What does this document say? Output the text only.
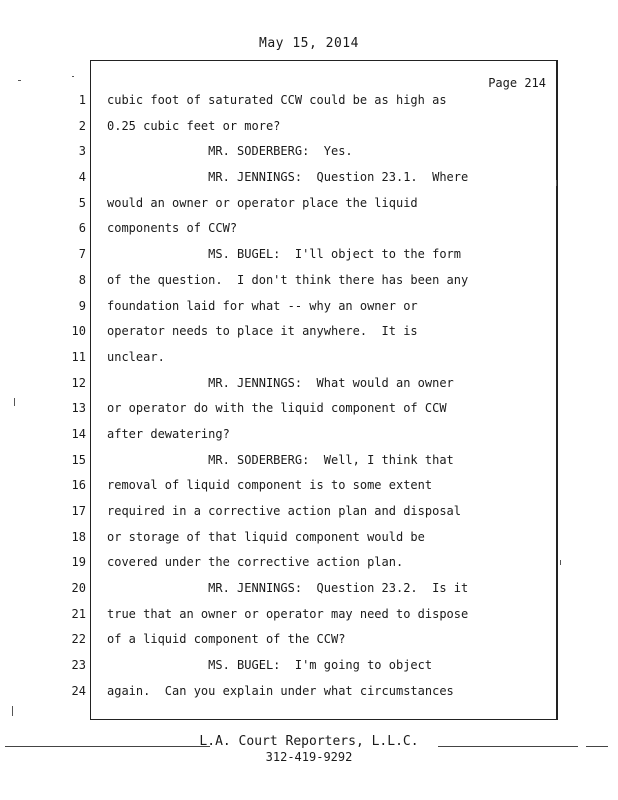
May 15, 2014
Page 214
1
2
3
4
5
6
7
8
9
10
11
12
13
14
15
16
17
18
19
20
21
22
23
24
cubic foot of saturated CCW could be as high as
0.25 cubic feet or more?
MR. SODERBERG:  Yes.
MR. JENNINGS:  Question 23.1.  Where
would an owner or operator place the liquid
components of CCW?
MS. BUGEL:  I'll object to the form
of the question.  I don't think there has been any
foundation laid for what -- why an owner or
operator needs to place it anywhere.  It is
unclear.
MR. JENNINGS:  What would an owner
or operator do with the liquid component of CCW
after dewatering?
MR. SODERBERG:  Well, I think that
removal of liquid component is to some extent
required in a corrective action plan and disposal
or storage of that liquid component would be
covered under the corrective action plan.
MR. JENNINGS:  Question 23.2.  Is it
true that an owner or operator may need to dispose
of a liquid component of the CCW?
MS. BUGEL:  I'm going to object
again.  Can you explain under what circumstances
L.A. Court Reporters, L.L.C.
312-419-9292
